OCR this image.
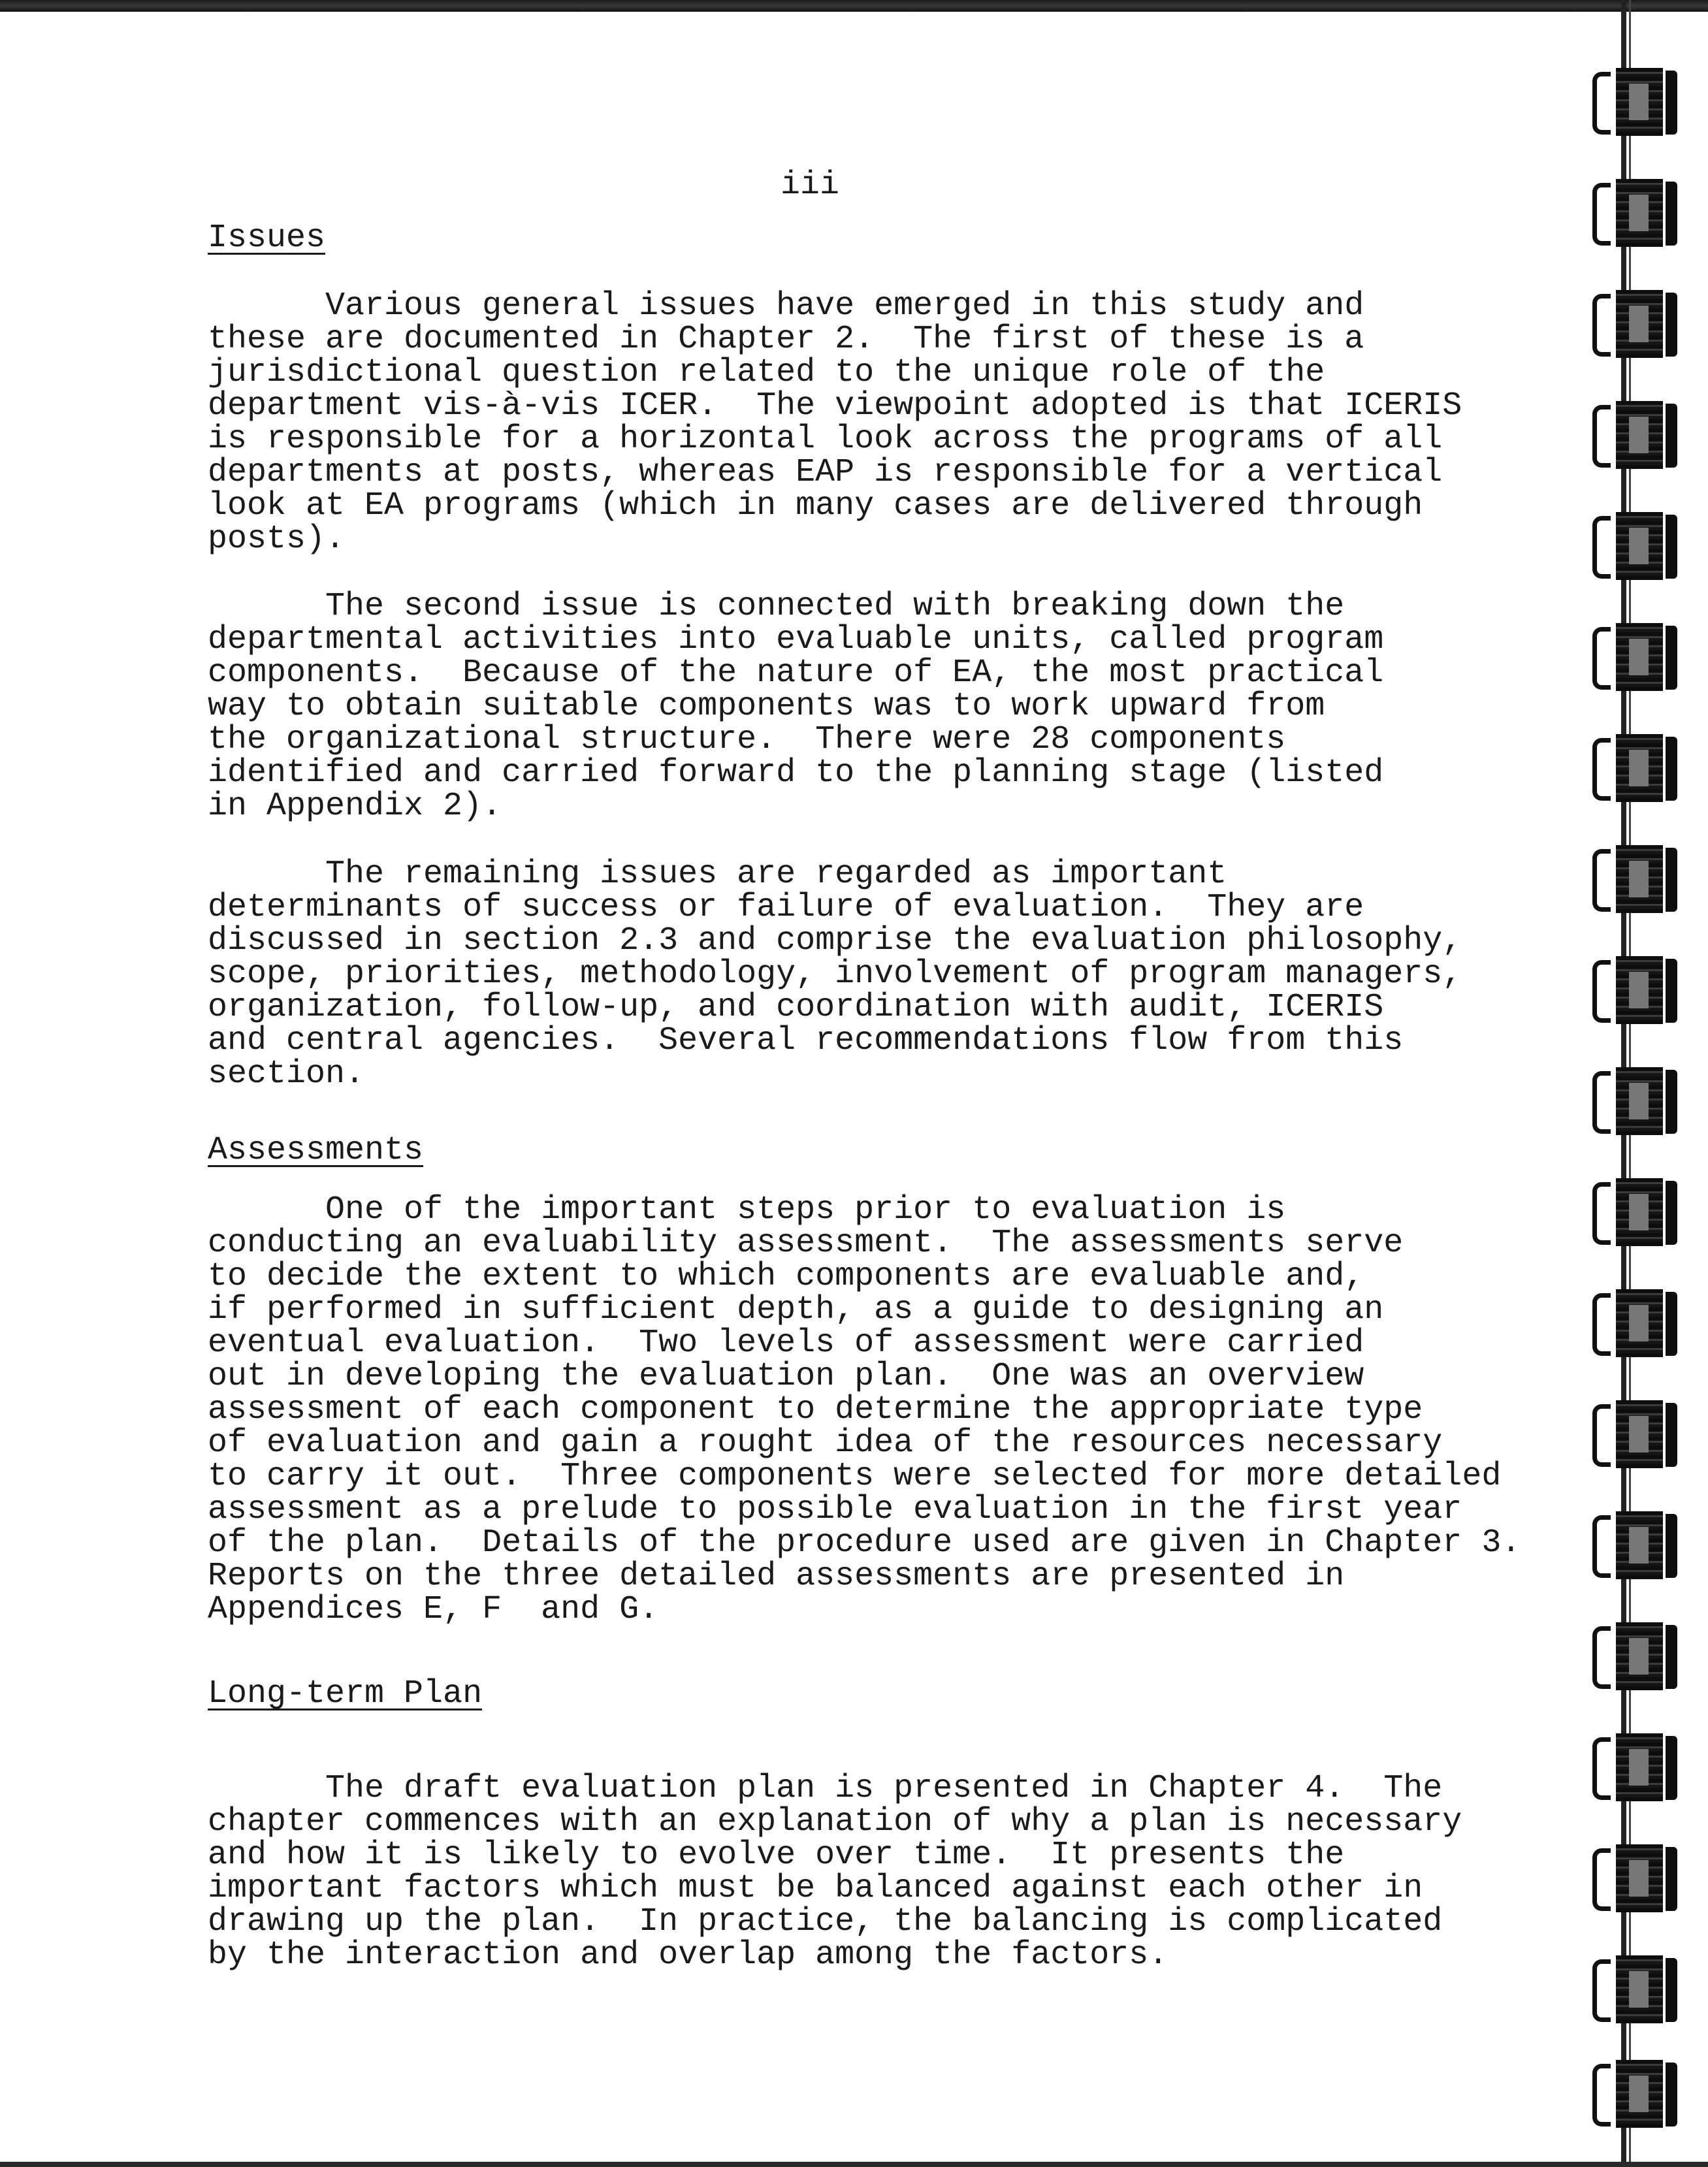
iii
Issues
Various general issues have emerged in this study and
these are documented in Chapter 2.  The first of these is a
jurisdictional question related to the unique role of the
department vis-à-vis ICER.  The viewpoint adopted is that ICERIS
is responsible for a horizontal look across the programs of all
departments at posts, whereas EAP is responsible for a vertical
look at EA programs (which in many cases are delivered through
posts).
The second issue is connected with breaking down the
departmental activities into evaluable units, called program
components.  Because of the nature of EA, the most practical
way to obtain suitable components was to work upward from
the organizational structure.  There were 28 components
identified and carried forward to the planning stage (listed
in Appendix 2).
The remaining issues are regarded as important
determinants of success or failure of evaluation.  They are
discussed in section 2.3 and comprise the evaluation philosophy,
scope, priorities, methodology, involvement of program managers,
organization, follow-up, and coordination with audit, ICERIS
and central agencies.  Several recommendations flow from this
section.
Assessments
One of the important steps prior to evaluation is
conducting an evaluability assessment.  The assessments serve
to decide the extent to which components are evaluable and,
if performed in sufficient depth, as a guide to designing an
eventual evaluation.  Two levels of assessment were carried
out in developing the evaluation plan.  One was an overview
assessment of each component to determine the appropriate type
of evaluation and gain a rought idea of the resources necessary
to carry it out.  Three components were selected for more detailed
assessment as a prelude to possible evaluation in the first year
of the plan.  Details of the procedure used are given in Chapter 3.
Reports on the three detailed assessments are presented in
Appendices E, F  and G.
Long-term Plan
The draft evaluation plan is presented in Chapter 4.  The
chapter commences with an explanation of why a plan is necessary
and how it is likely to evolve over time.  It presents the
important factors which must be balanced against each other in
drawing up the plan.  In practice, the balancing is complicated
by the interaction and overlap among the factors.
